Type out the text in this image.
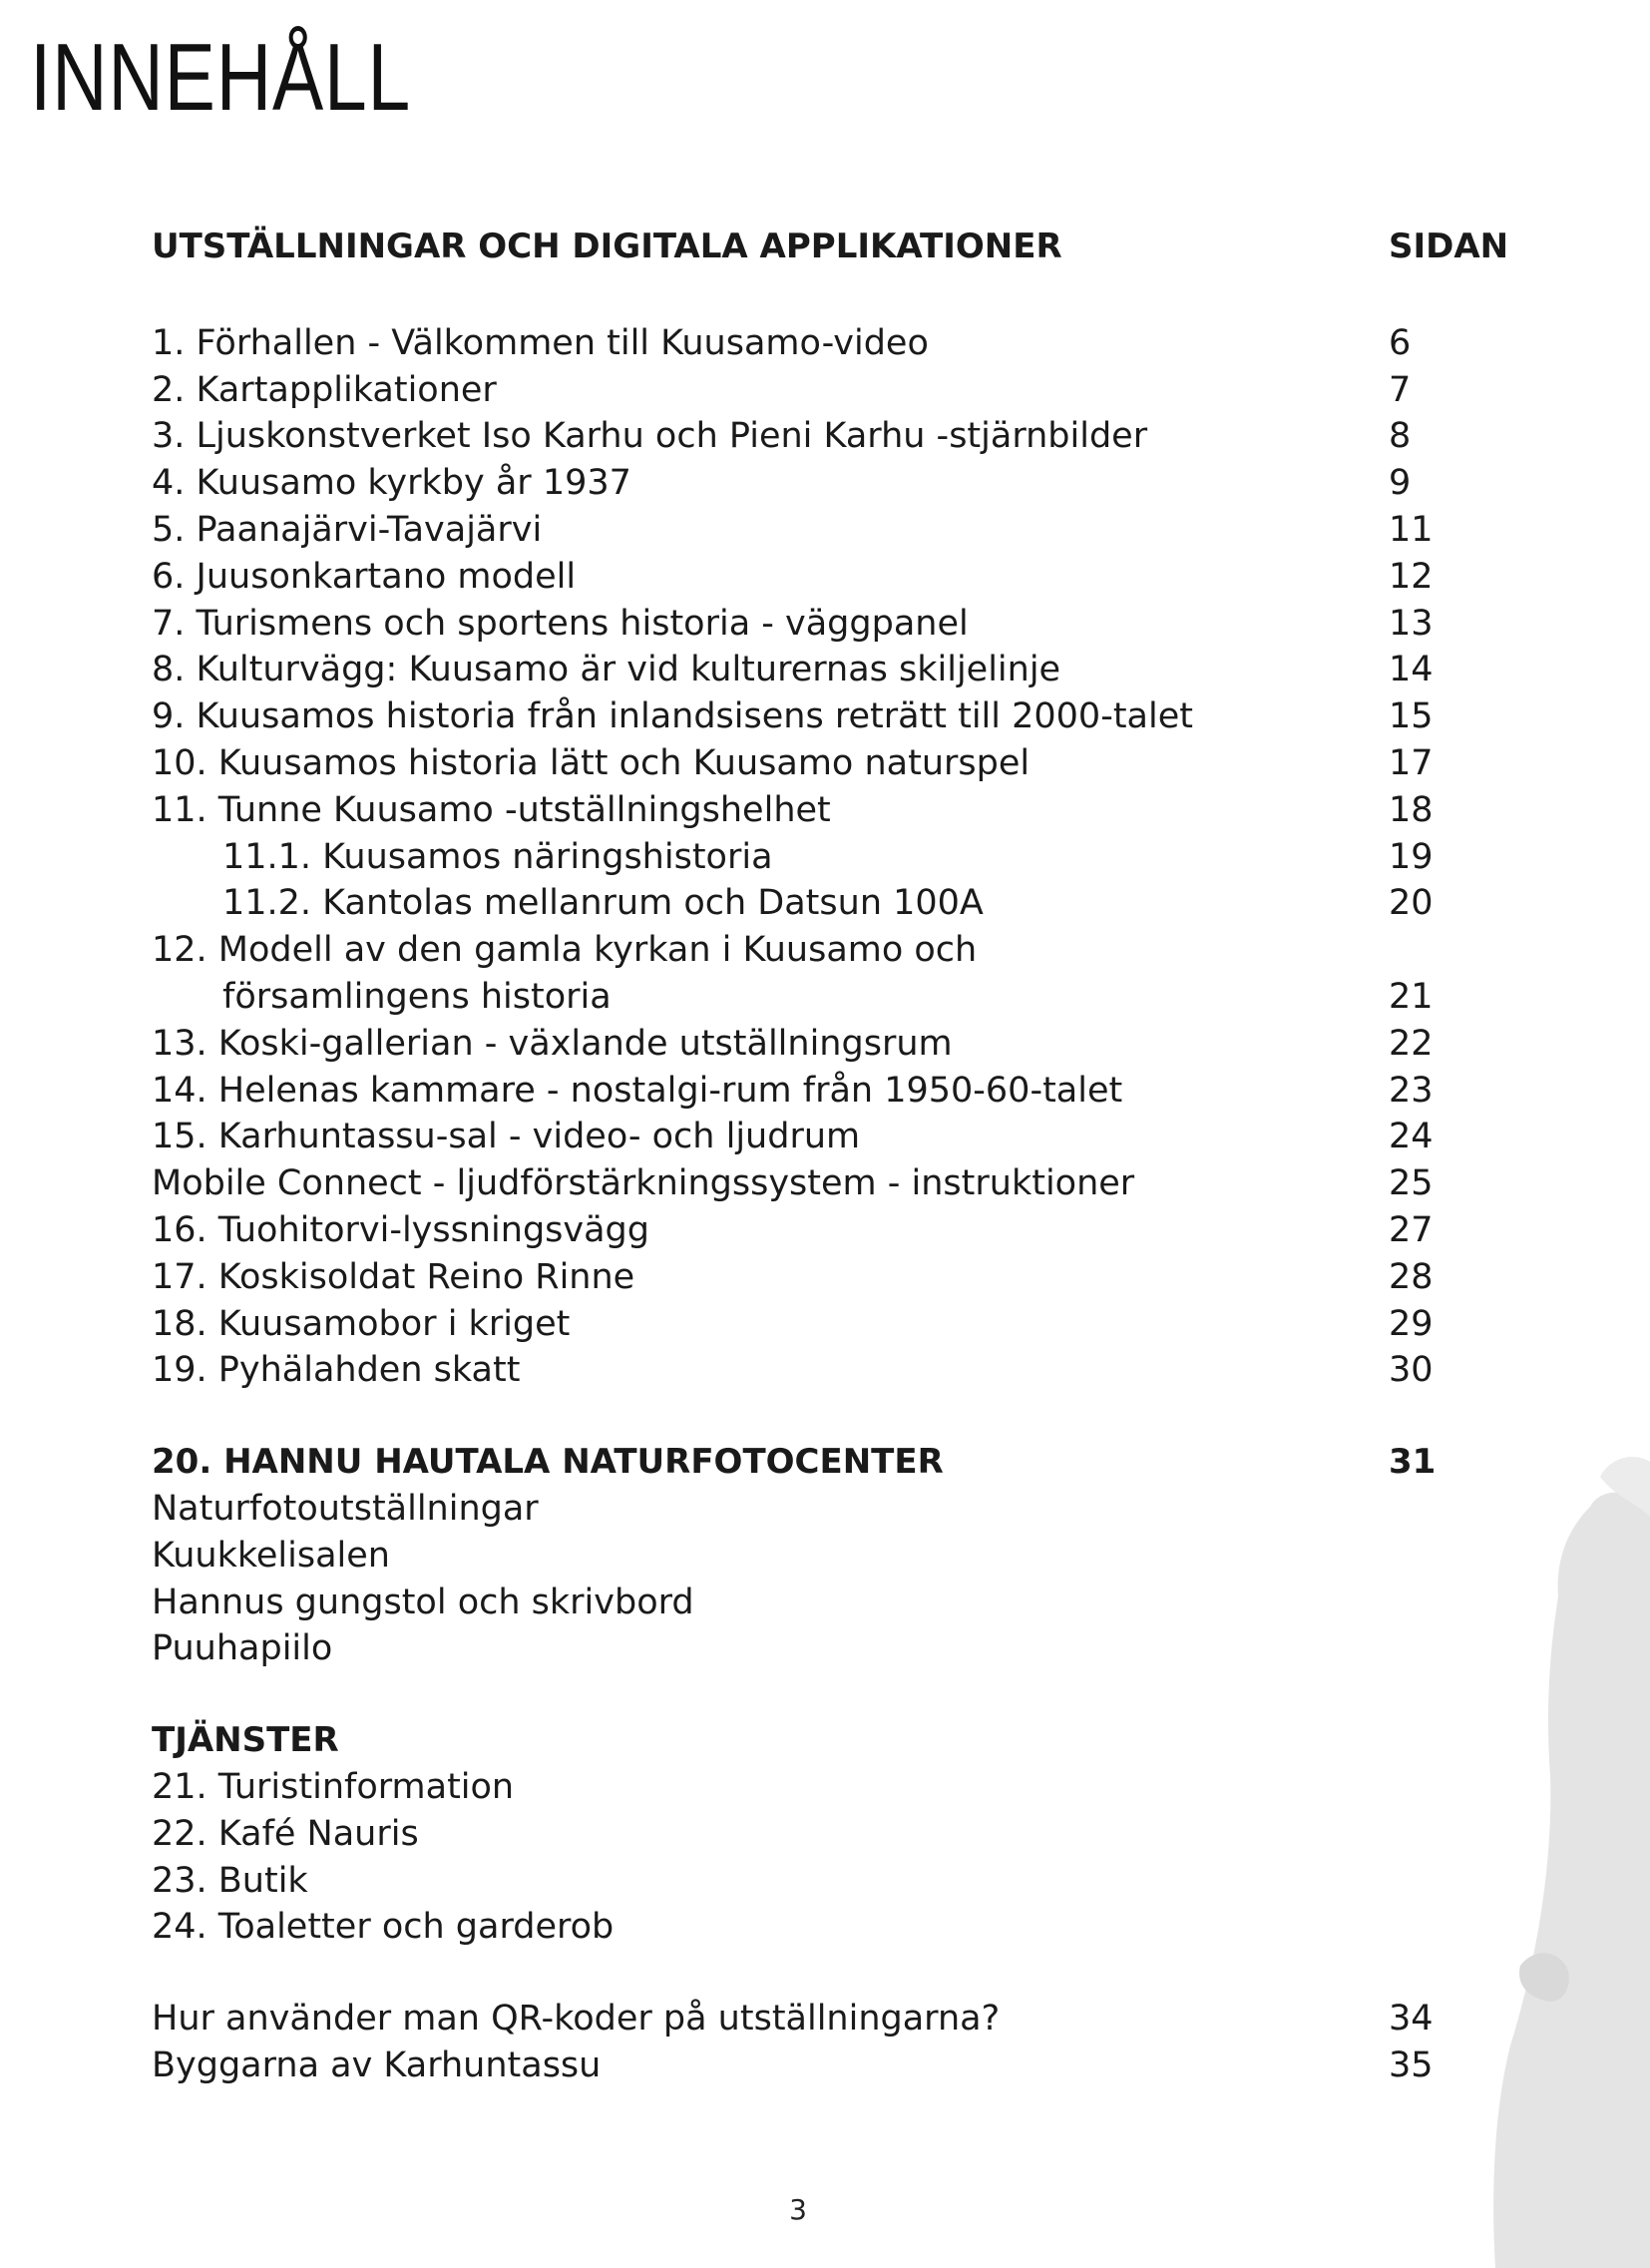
INNEHÅLL
UTSTÄLLNINGAR OCH DIGITALA APPLIKATIONER	SIDAN
1. Förhallen - Välkommen till Kuusamo-video	6
2. Kartapplikationer	7
3. Ljuskonstverket Iso Karhu och Pieni Karhu -stjärnbilder	8
4. Kuusamo kyrkby år 1937	9
5. Paanajärvi-Tavajärvi	11
6. Juusonkartano modell	12
7. Turismens och sportens historia - väggpanel	13
8. Kulturvägg: Kuusamo är vid kulturernas skiljelinje	14
9. Kuusamos historia från inlandsisens reträtt till 2000-talet	15
10. Kuusamos historia lätt och Kuusamo naturspel	17
11. Tunne Kuusamo -utställningshelhet	18
11.1. Kuusamos näringshistoria	19
11.2. Kantolas mellanrum och Datsun 100A	20
12. Modell av den gamla kyrkan i Kuusamo och
församlingens historia	21
13. Koski-gallerian - växlande utställningsrum	22
14. Helenas kammare - nostalgi-rum från 1950-60-talet	23
15. Karhuntassu-sal - video- och ljudrum	24
Mobile Connect - ljudförstärkningssystem - instruktioner	25
16. Tuohitorvi-lyssningsvägg	27
17. Koskisoldat Reino Rinne	28
18. Kuusamobor i kriget	29
19. Pyhälahden skatt	30
20. HANNU HAUTALA NATURFOTOCENTER	31
Naturfotoutställningar
Kuukkelisalen
Hannus gungstol och skrivbord
Puuhapiilo
TJÄNSTER
21. Turistinformation
22. Kafé Nauris
23. Butik
24. Toaletter och garderob
Hur använder man QR-koder på utställningarna?	34
Byggarna av Karhuntassu	35
3
